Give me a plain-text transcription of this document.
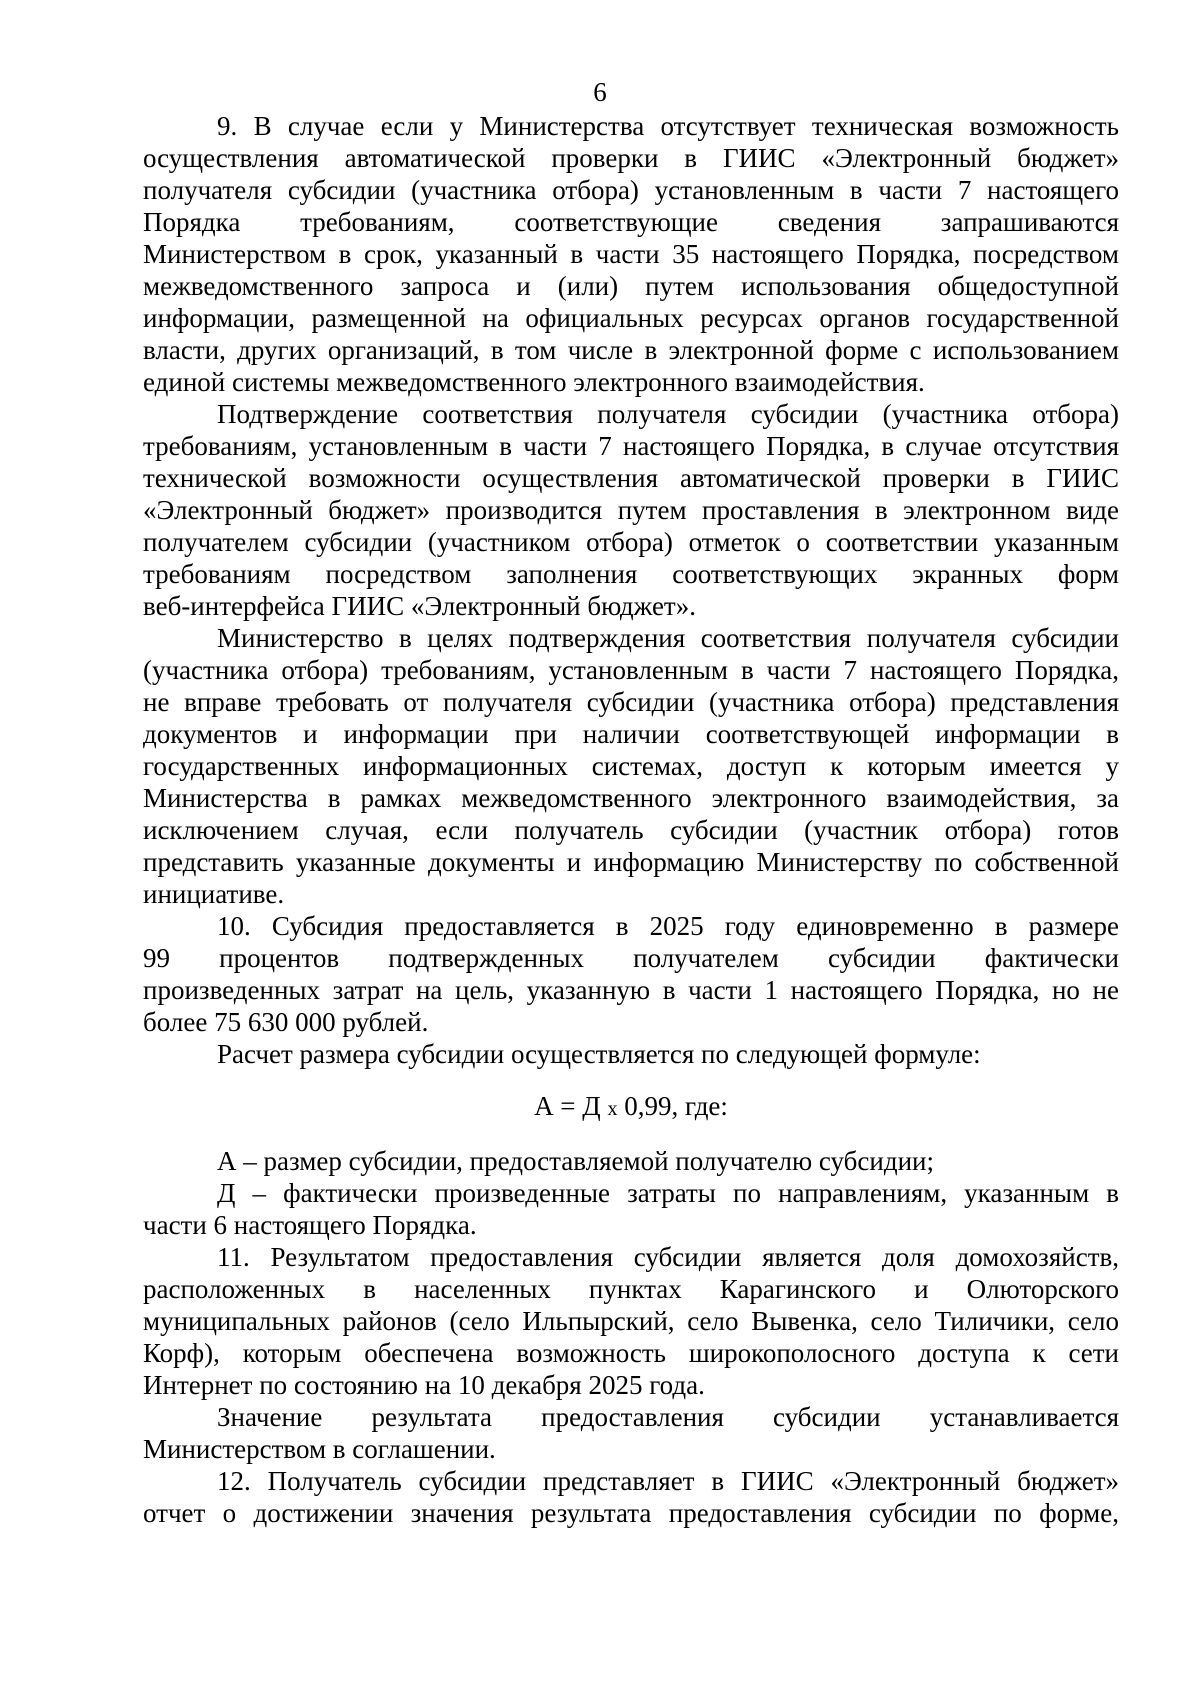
6
9. В случае если у Министерства отсутствует техническая возможность
осуществления автоматической проверки в ГИИС «Электронный бюджет»
получателя субсидии (участника отбора) установленным в части 7 настоящего
Порядка требованиям, соответствующие сведения запрашиваются
Министерством в срок, указанный в части 35 настоящего Порядка, посредством
межведомственного запроса и (или) путем использования общедоступной
информации, размещенной на официальных ресурсах органов государственной
власти, других организаций, в том числе в электронной форме с использованием
единой системы межведомственного электронного взаимодействия.
Подтверждение соответствия получателя субсидии (участника отбора)
требованиям, установленным в части 7 настоящего Порядка, в случае отсутствия
технической возможности осуществления автоматической проверки в ГИИС
«Электронный бюджет» производится путем проставления в электронном виде
получателем субсидии (участником отбора) отметок о соответствии указанным
требованиям посредством заполнения соответствующих экранных форм
веб-интерфейса ГИИС «Электронный бюджет».
Министерство в целях подтверждения соответствия получателя субсидии
(участника отбора) требованиям, установленным в части 7 настоящего Порядка,
не вправе требовать от получателя субсидии (участника отбора) представления
документов и информации при наличии соответствующей информации в
государственных информационных системах, доступ к которым имеется у
Министерства в рамках межведомственного электронного взаимодействия, за
исключением случая, если получатель субсидии (участник отбора) готов
представить указанные документы и информацию Министерству по собственной
инициативе.
10. Субсидия предоставляется в 2025 году единовременно в размере
99 процентов подтвержденных получателем субсидии фактически
произведенных затрат на цель, указанную в части 1 настоящего Порядка, но не
более 75 630 000 рублей.
Расчет размера субсидии осуществляется по следующей формуле:
А = Д x 0,99, где:
А – размер субсидии, предоставляемой получателю субсидии;
Д – фактически произведенные затраты по направлениям, указанным в
части 6 настоящего Порядка.
11. Результатом предоставления субсидии является доля домохозяйств,
расположенных в населенных пунктах Карагинского и Олюторского
муниципальных районов (село Ильпырский, село Вывенка, село Тиличики, село
Корф), которым обеспечена возможность широкополосного доступа к сети
Интернет по состоянию на 10 декабря 2025 года.
Значение результата предоставления субсидии устанавливается
Министерством в соглашении.
12. Получатель субсидии представляет в ГИИС «Электронный бюджет»
отчет о достижении значения результата предоставления субсидии по форме,
